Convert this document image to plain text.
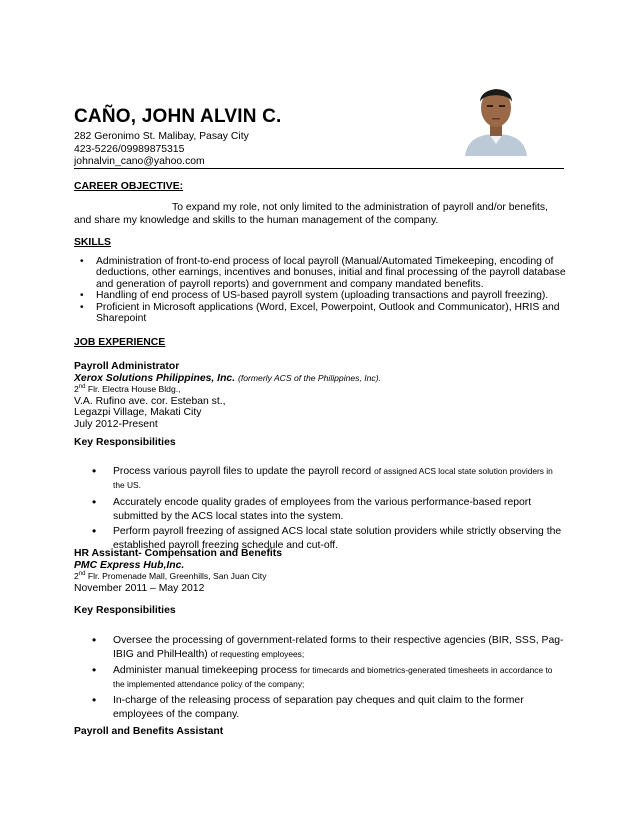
CAÑO, JOHN ALVIN C.
282 Geronimo St. Malibay, Pasay City
423-5226/09989875315
johnalvin_cano@yahoo.com
CAREER OBJECTIVE:
To expand my role, not only limited to the administration of payroll and/or benefits, and share my knowledge and skills to the human management of the company.
SKILLS
• Administration of front-to-end process of local payroll (Manual/Automated Timekeeping, encoding of deductions, other earnings, incentives and bonuses, initial and final processing of the payroll database and generation of payroll reports) and government and company mandated benefits.
• Handling of end process of US-based payroll system (uploading transactions and payroll freezing).
• Proficient in Microsoft applications (Word, Excel, Powerpoint, Outlook and Communicator), HRIS and Sharepoint
JOB EXPERIENCE
Payroll Administrator
Xerox Solutions Philippines, Inc. (formerly ACS of the Philippines, Inc).
2nd Flr. Electra House Bldg.,
V.A. Rufino ave. cor. Esteban st.,
Legazpi Village, Makati City
July 2012-Present
Key Responsibilities
• Process various payroll files to update the payroll record of assigned ACS local state solution providers in the US.
• Accurately encode quality grades of employees from the various performance-based report submitted by the ACS local states into the system.
• Perform payroll freezing of assigned ACS local state solution providers while strictly observing the established payroll freezing schedule and cut-off.
HR Assistant- Compensation and Benefits
PMC Express Hub,Inc.
2nd Flr. Promenade Mall, Greenhills, San Juan City
November 2011 – May 2012
Key Responsibilities
• Oversee the processing of government-related forms to their respective agencies (BIR, SSS, Pag-IBIG and PhilHealth) of requesting employees;
• Administer manual timekeeping process for timecards and biometrics-generated timesheets in accordance to the implemented attendance policy of the company;
• In-charge of the releasing process of separation pay cheques and quit claim to the former employees of the company.
Payroll and Benefits Assistant
